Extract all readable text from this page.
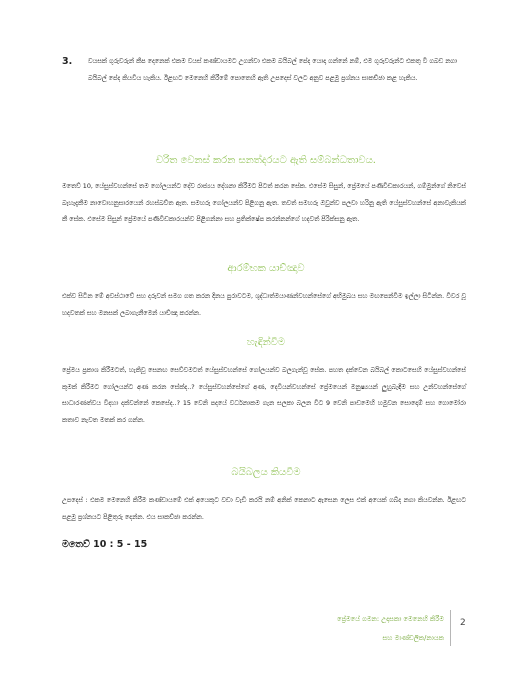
3.	වයසක් ගුරුවරුන් කීප දෙනෙක් එකම වයස් කණ්ඩායමට උගන්වා එකම බයිබල් පේද යොදා ගන්නේ නම්, එම ගුරුවරුන්ට එකතු වී ගබඩ නගා බයිබල් පේද කියවිය හැකිය. ඊළඟට මෙනෙහි කිරීමේ පොතෙහි ඇති උපදෙස් වලට අනුව පළමු ප්‍රශ්නය සාකච්ඡා කළ හැකිය.
චරිත වෙනස් කරන සනත්දරයට ඇති සම්බන්ධතාවය.
මතෙව් 10, යේසුස්වහන්සේ තම ගෝලයන්ට දේව රාජ්‍යය දේශනා කිරීමට පිටත් කරන සේක. එසේම සිසුන්, ප්‍රේමයේ පණිවිඩකාරයන්, ගම්මුන්ගේ නිවෙස් බැහැදැකීම නාවොහනුසාරයෙන් රහස්‌ඛව්ත ඇත. සමහරු ගෝලයන්ව පිළිගනු ඇත. තවත් සමහරු ඔවුන්ව පලවා හරිනු ඇති යේසුස්වහන්සේ අනාවැකියක් කී සේක. එසේම සිසුන් ප්‍රේමයේ පණිවිඩකාරයන්ව පිළිගන්නා සහ ප්‍රතික්ෂේප කරන්නන්ගේ හදවත් පිරික්සනු ඇත.
ආරම්භක යාච්ඤාව
එක්ව සිටින මේ අවස්ථාවේ සහ දරුවන් සමග ගත කරන දිනය පුරාවටම, ශුද්ධාත්මයාණන්වහන්සේගේ අභිමුඛය සහ මඟපෙන්වීම ඉල්ලා සිටින්න. විවර වූ හදවතක් සහ මනසක් ලබාගැනීමෙන් යාච්ඤා කරන්න.
හැඳින්වීම
ප්‍රේමය ප්‍රකාශ කිරීමටත්, හැකිවූ සෙනඟ සෙව්වමටත් යේසුස්වහන්සේ ගෝලයන්ව බලගැන්වූ සේක. පහත දක්වෙන බයිබල් කොටසෙහි යේසුස්වහන්සේ කුමක් කිරීමට ගෝලයන්ට අණ කරන සේක්ද..? යේසුස්වහන්සේගේ අණ, දෙවියන්වහන්සේ ප්‍රේමයෙන් මනුෂ්‍යයන් ලුහුබැඳීම සහ උන්වහන්සේගේ සාධාරණත්වය විදහා දක්වන්නේ කෙසේද..? 15 වෙනි පදයේ වර්ධනාකම ගැන සලකා බලන විට 9 වෙනි පාඩමෙහි හමුවන සොදොම් සහ ගොමෝරා කතාව නැවත මතක් කර ගන්න.
බයිබලය කියවීම
උපදෙස් : එකම මෙනෙහි කිරීම කණ්ඩායමේ එක් අයෙකුට වඩා වැඩි කරයි නම් අනික් කෙනාට ඇසෙන ලෙස එක් අයෙක් ගබ්ද නගා කියවන්න. ඊළඟට පළමු ප්‍රශ්නයට පිළිතුරු දෙන්න. එය සාකච්ඡා කරන්න.
මතෙව් 10 : 5 - 15
ප්‍රේමයේ ගමන: උදාසකා මෙනෙහි කිරීම
සහ මාණ්ඩලික/නායක
2
